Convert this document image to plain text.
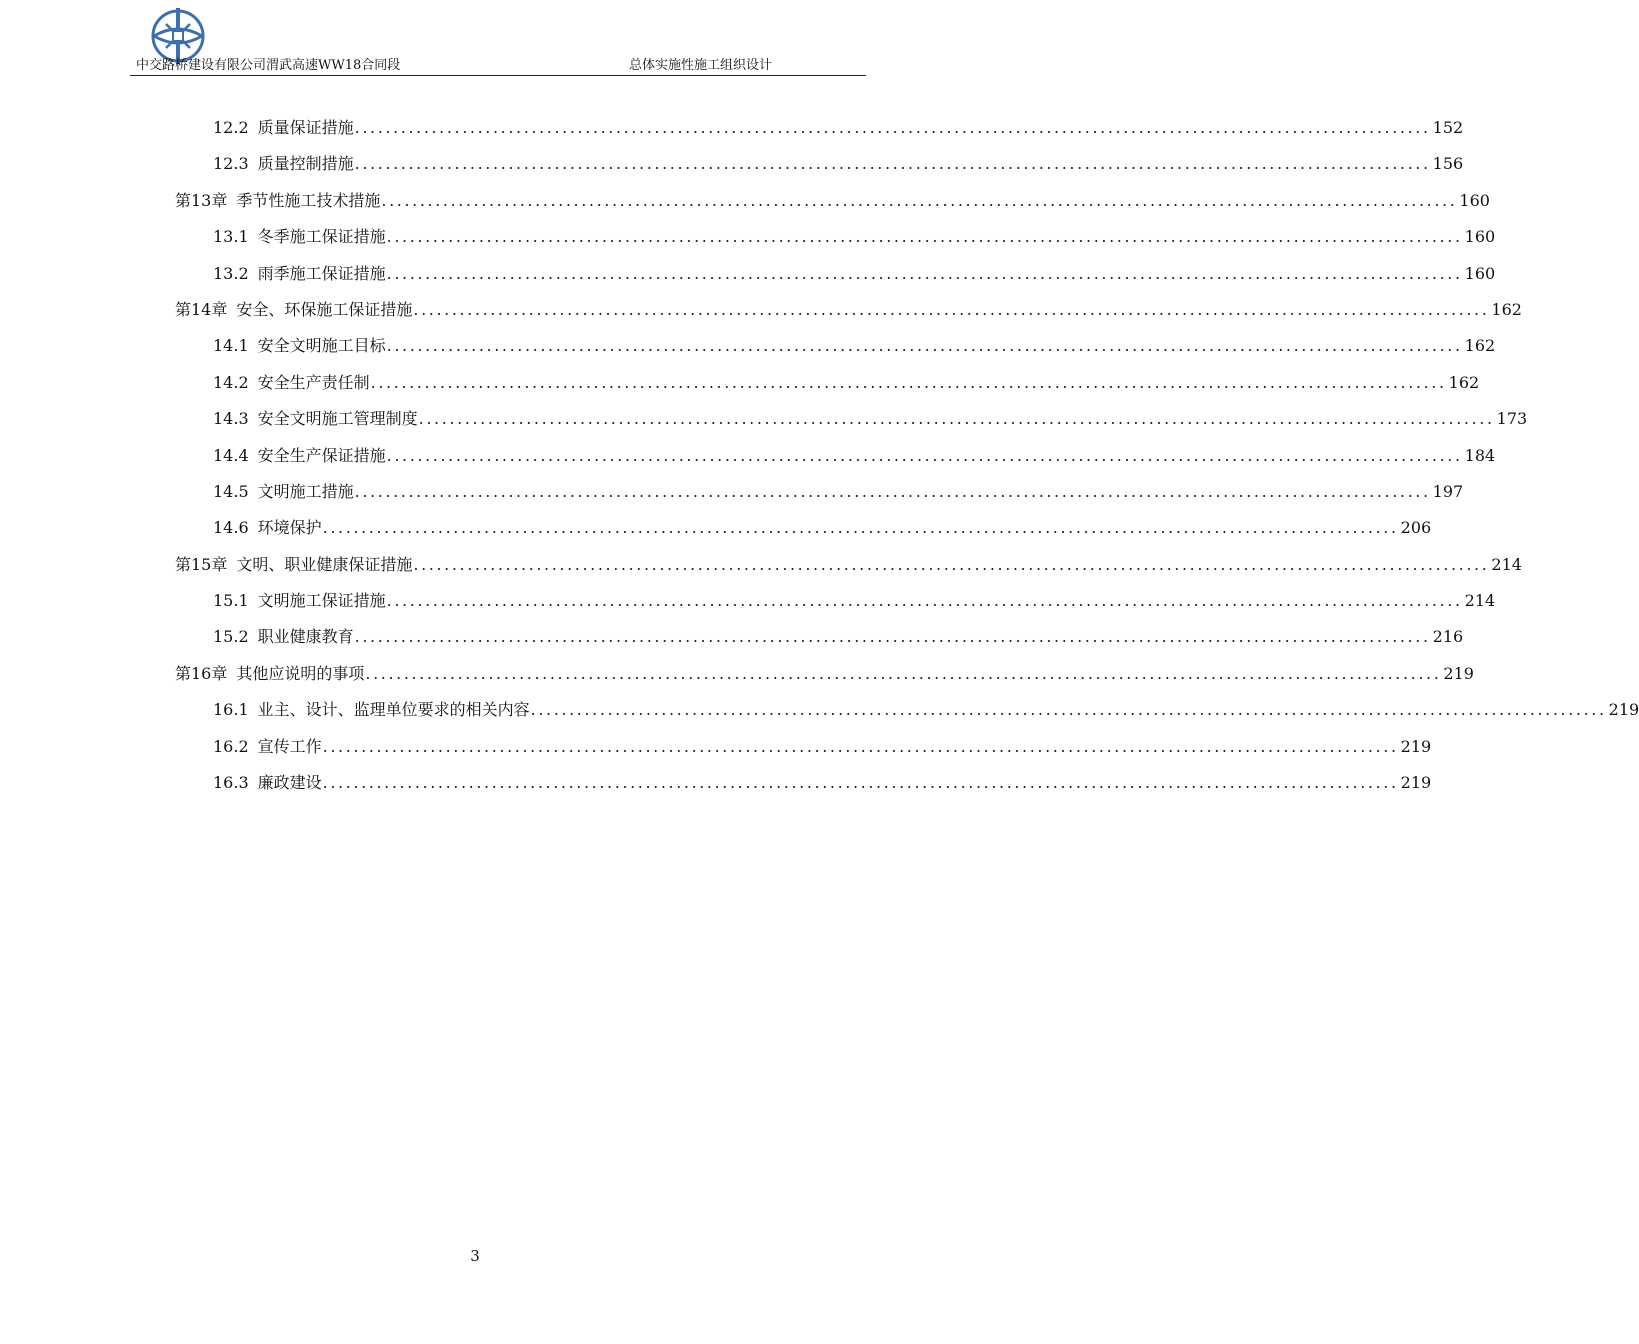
中交路桥建设有限公司渭武高速WW18合同段	总体实施性施工组织设计
12.2 质量保证措施 ............................................................................................................................................ 152
12.3 质量控制措施 ............................................................................................................................................ 156
第13章 季节性施工技术措施 ............................................................................................................................................ 160
13.1 冬季施工保证措施 ............................................................................................................................................ 160
13.2 雨季施工保证措施 ............................................................................................................................................ 160
第14章 安全、环保施工保证措施 ............................................................................................................................................ 162
14.1 安全文明施工目标 ............................................................................................................................................ 162
14.2 安全生产责任制 ............................................................................................................................................ 162
14.3 安全文明施工管理制度 ............................................................................................................................................ 173
14.4 安全生产保证措施 ............................................................................................................................................ 184
14.5 文明施工措施 ............................................................................................................................................ 197
14.6 环境保护 ............................................................................................................................................ 206
第15章 文明、职业健康保证措施 ............................................................................................................................................ 214
15.1 文明施工保证措施 ............................................................................................................................................ 214
15.2 职业健康教育 ............................................................................................................................................ 216
第16章 其他应说明的事项 ............................................................................................................................................ 219
16.1 业主、设计、监理单位要求的相关内容 ............................................................................................................................................ 219
16.2 宣传工作 ............................................................................................................................................ 219
16.3 廉政建设 ............................................................................................................................................ 219
3
